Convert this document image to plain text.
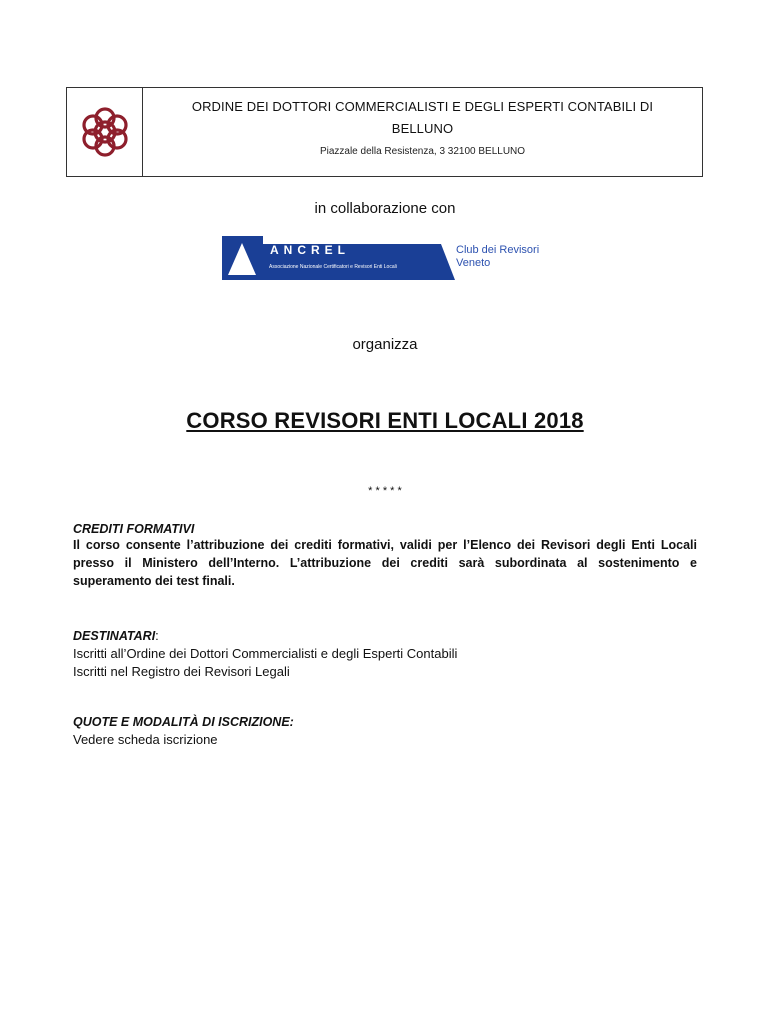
ORDINE DEI DOTTORI COMMERCIALISTI E DEGLI ESPERTI CONTABILI DI BELLUNO
Piazzale della Resistenza, 3 32100 BELLUNO
in collaborazione con
ANCREL
Associazione Nazionale Certificatori e Revisori Enti Locali
Club dei Revisori
Veneto
organizza
CORSO REVISORI ENTI LOCALI 2018
* * * * *
CREDITI FORMATIVI
Il corso consente l’attribuzione dei crediti formativi, validi per l’Elenco dei Revisori degli Enti Locali presso il Ministero dell’Interno. L’attribuzione dei crediti sarà subordinata al sostenimento e superamento dei test finali.
DESTINATARI:
Iscritti all’Ordine dei Dottori Commercialisti e degli Esperti Contabili
Iscritti nel Registro dei Revisori Legali
QUOTE E MODALITÀ DI ISCRIZIONE:
Vedere scheda iscrizione
